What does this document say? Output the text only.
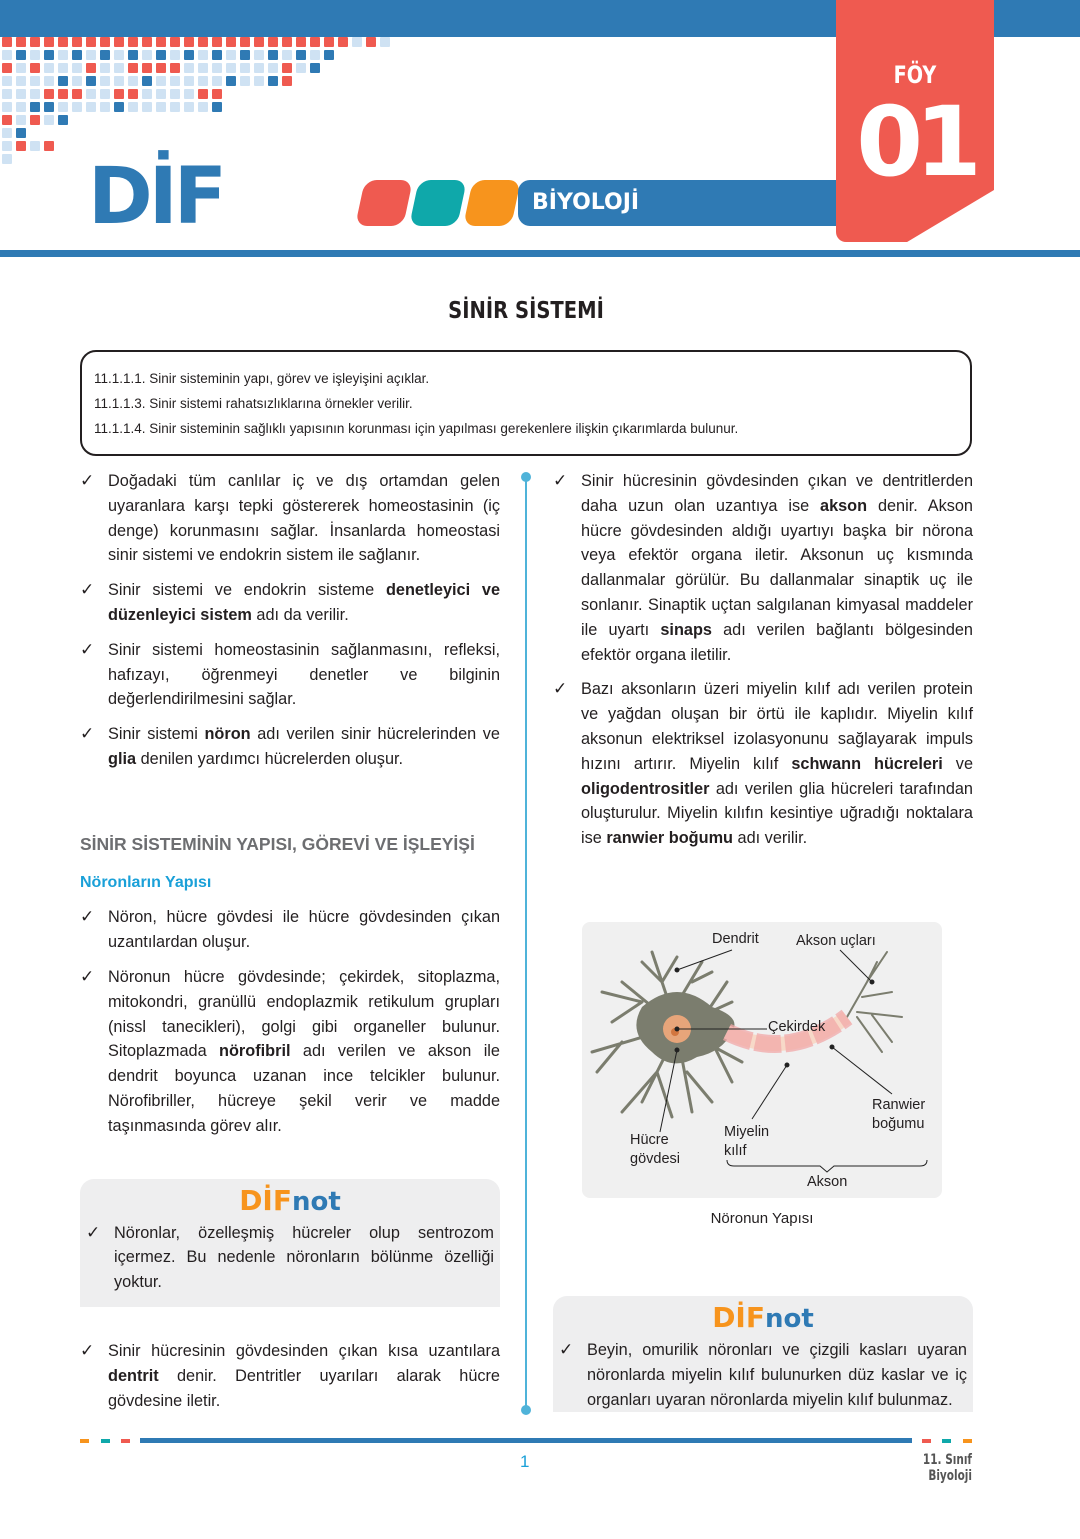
DİF	BİYOLOJİ
FÖY
01
SİNİR SİSTEMİ
11.1.1.1. Sinir sisteminin yapı, görev ve işleyişini açıklar.
11.1.1.3. Sinir sistemi rahatsızlıklarına örnekler verilir.
11.1.1.4. Sinir sisteminin sağlıklı yapısının korunması için yapılması gerekenlere ilişkin çıkarımlarda bulunur.
✓ Doğadaki tüm canlılar iç ve dış ortamdan gelen uyaranlara karşı tepki göstererek homeostasinin (iç denge) korunmasını sağlar. İnsanlarda homeostasi sinir sistemi ve endokrin sistem ile sağlanır.
✓ Sinir sistemi ve endokrin sisteme denetleyici ve düzenleyici sistem adı da verilir.
✓ Sinir sistemi homeostasinin sağlanmasını, refleksi, hafızayı, öğrenmeyi denetler ve bilginin değerlendirilmesini sağlar.
✓ Sinir sistemi nöron adı verilen sinir hücrelerinden ve glia denilen yardımcı hücrelerden oluşur.
SİNİR SİSTEMİNİN YAPISI, GÖREVİ VE İŞLEYİŞİ
Nöronların Yapısı
✓ Nöron, hücre gövdesi ile hücre gövdesinden çıkan uzantılardan oluşur.
✓ Nöronun hücre gövdesinde; çekirdek, sitoplazma, mitokondri, granüllü endoplazmik retikulum grupları (nissl tanecikleri), golgi gibi organeller bulunur. Sitoplazmada nörofibril adı verilen ve akson ile dendrit boyunca uzanan ince telcikler bulunur. Nörofibriller, hücreye şekil verir ve madde taşınmasında görev alır.
DİFnot
✓ Nöronlar, özelleşmiş hücreler olup sentrozom içermez. Bu nedenle nöronların bölünme özelliği yoktur.
✓ Sinir hücresinin gövdesinden çıkan kısa uzantılara dentrit denir. Dentritler uyarıları alarak hücre gövdesine iletir.
✓ Sinir hücresinin gövdesinden çıkan ve dentritlerden daha uzun olan uzantıya ise akson denir. Akson hücre gövdesinden aldığı uyartıyı başka bir nörona veya efektör organa iletir. Aksonun uç kısmında dallanmalar görülür. Bu dallanmalar sinaptik uç ile sonlanır. Sinaptik uçtan salgılanan kimyasal maddeler ile uyartı sinaps adı verilen bağlantı bölgesinden efektör organa iletilir.
✓ Bazı aksonların üzeri miyelin kılıf adı verilen protein ve yağdan oluşan bir örtü ile kaplıdır. Miyelin kılıf aksonun elektriksel izolasyonunu sağlayarak impuls hızını artırır. Miyelin kılıf schwann hücreleri ve oligodentrositler adı verilen glia hücreleri tarafından oluşturulur. Miyelin kılıfın kesintiye uğradığı noktalara ise ranwier boğumu adı verilir.
Dendrit	Akson uçları
Çekirdek
Ranwier boğumu
Miyelin kılıf
Hücre gövdesi
Akson
Nöronun Yapısı
DİFnot
✓ Beyin, omurilik nöronları ve çizgili kasları uyaran nöronlarda miyelin kılıf bulunurken düz kaslar ve iç organları uyaran nöronlarda miyelin kılıf bulunmaz.
1	11. Sınıf Biyoloji
